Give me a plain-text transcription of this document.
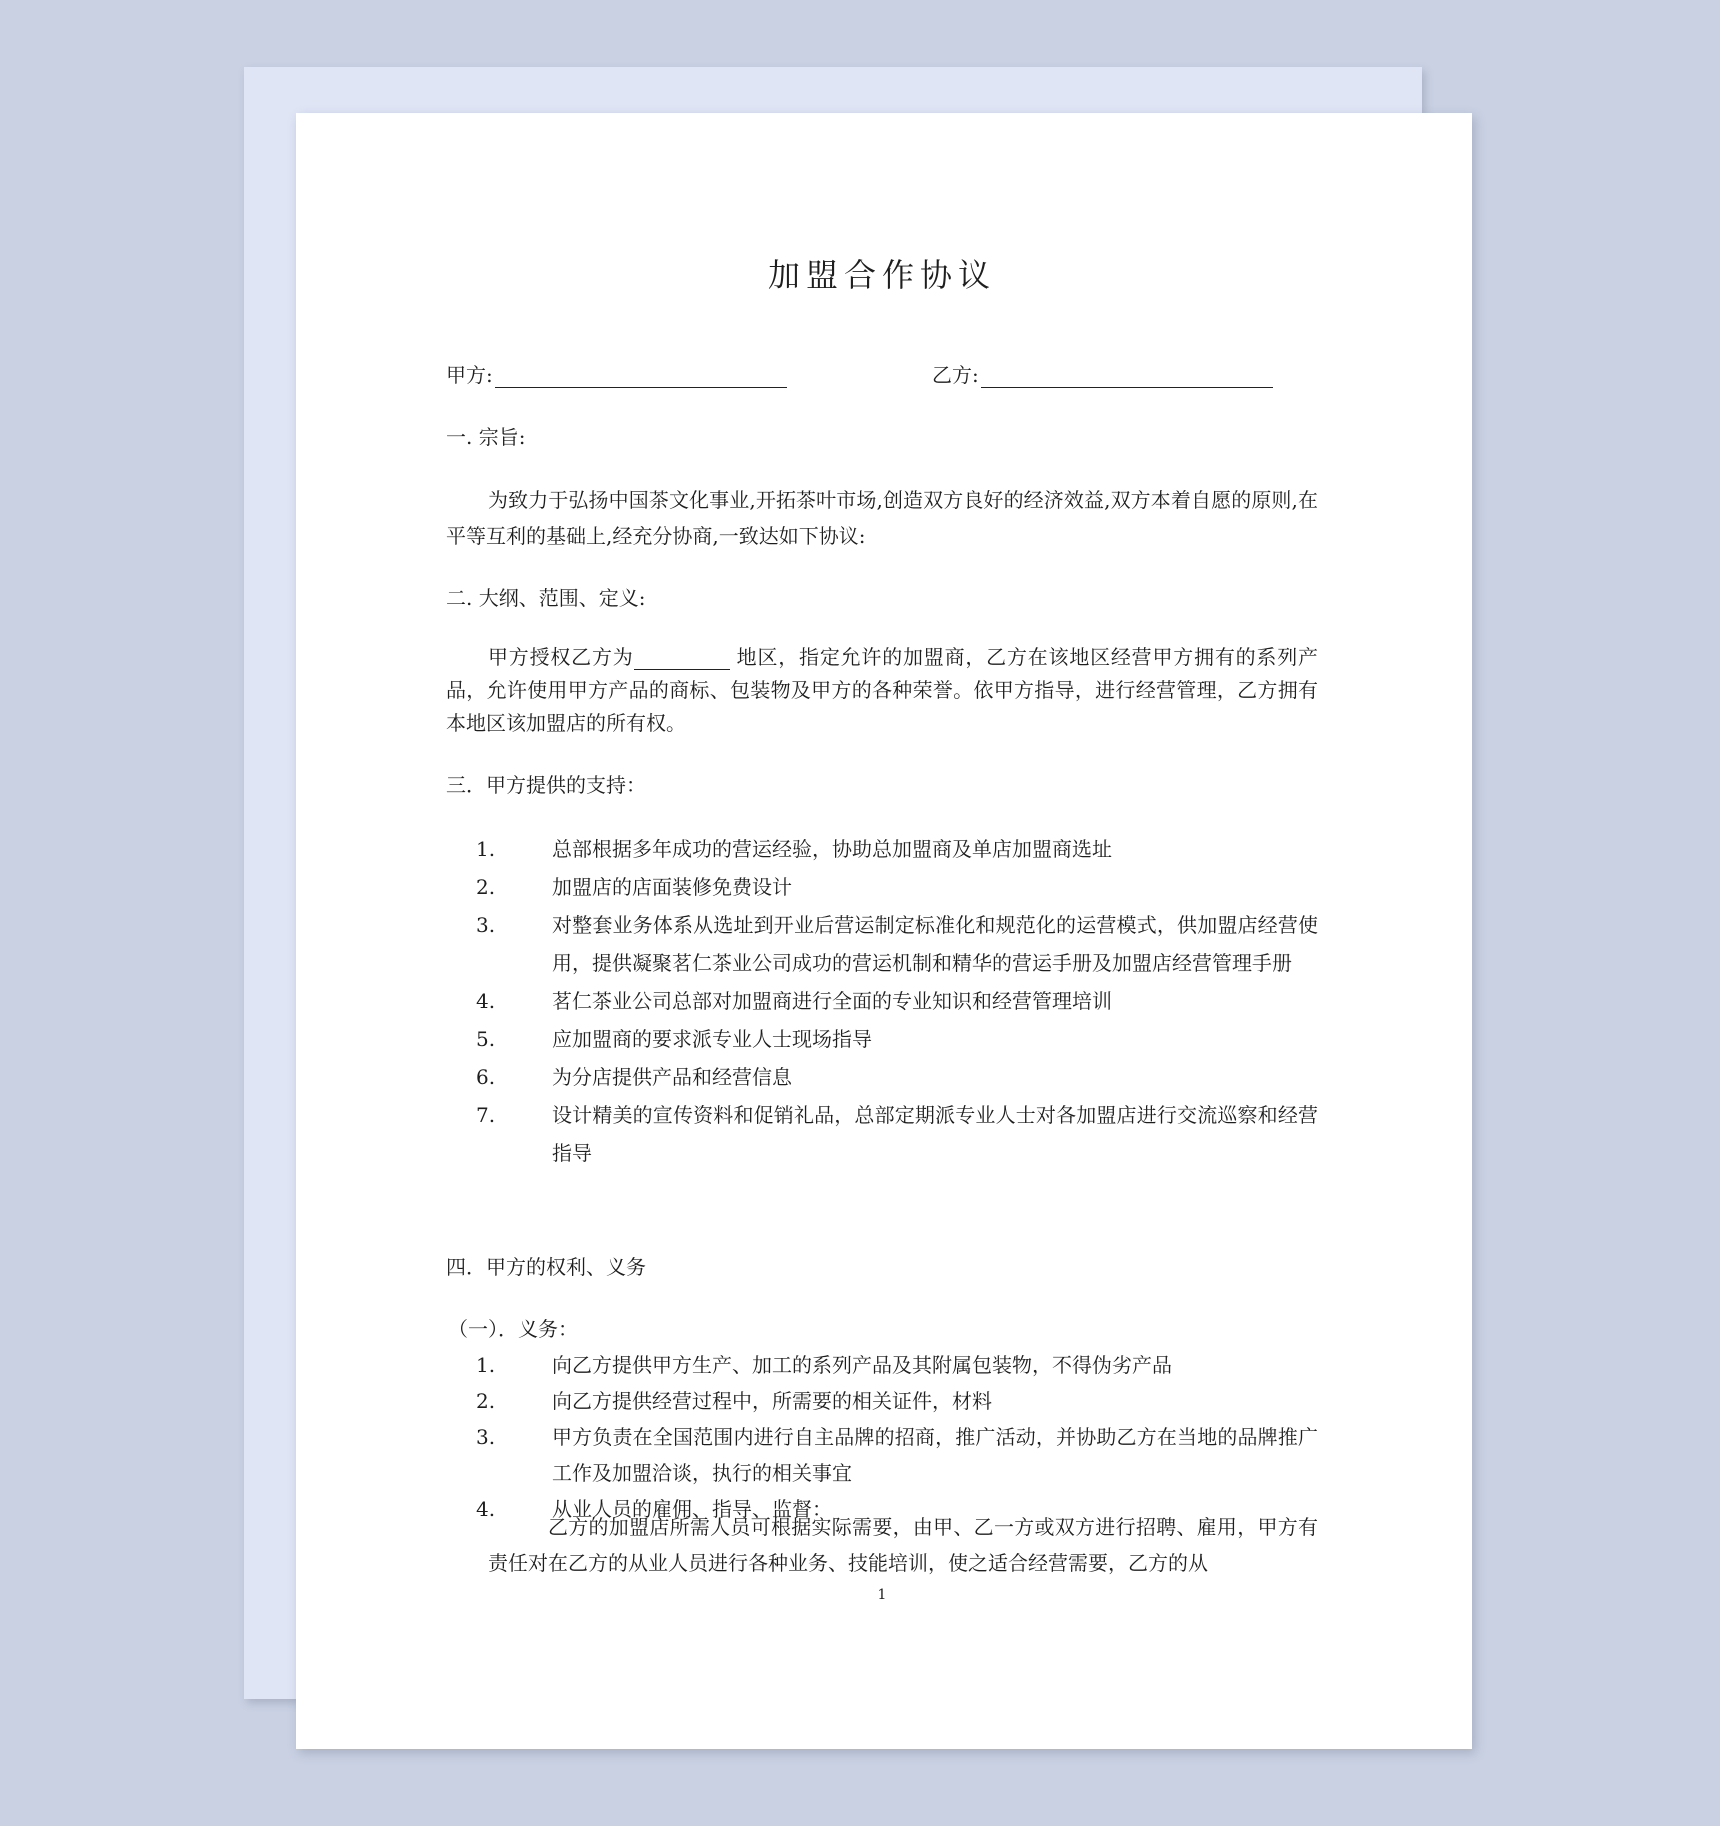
加盟合作协议
甲方:	乙方:
一. 宗旨:
为致力于弘扬中国茶文化事业,开拓茶叶市场,创造双方良好的经济效益,双方本着自愿的原则,在平等互利的基础上,经充分协商,一致达如下协议:
二. 大纲、范围、定义:
甲方授权乙方为	地区，指定允许的加盟商，乙方在该地区经营甲方拥有的系列产品，允许使用甲方产品的商标、包装物及甲方的各种荣誉。依甲方指导，进行经营管理，乙方拥有本地区该加盟店的所有权。
三．甲方提供的支持：
1.	总部根据多年成功的营运经验，协助总加盟商及单店加盟商选址
2.	加盟店的店面装修免费设计
3.	对整套业务体系从选址到开业后营运制定标准化和规范化的运营模式，供加盟店经营使用，提供凝聚茗仁茶业公司成功的营运机制和精华的营运手册及加盟店经营管理手册
4.	茗仁茶业公司总部对加盟商进行全面的专业知识和经营管理培训
5.	应加盟商的要求派专业人士现场指导
6.	为分店提供产品和经营信息
7.	设计精美的宣传资料和促销礼品，总部定期派专业人士对各加盟店进行交流巡察和经营指导
四．甲方的权利、义务
（一）．义务：
1.	向乙方提供甲方生产、加工的系列产品及其附属包装物，不得伪劣产品
2.	向乙方提供经营过程中，所需要的相关证件，材料
3.	甲方负责在全国范围内进行自主品牌的招商，推广活动，并协助乙方在当地的品牌推广工作及加盟洽谈，执行的相关事宜
4.	从业人员的雇佣、指导、监督：
乙方的加盟店所需人员可根据实际需要，由甲、乙一方或双方进行招聘、雇用，甲方有责任对在乙方的从业人员进行各种业务、技能培训，使之适合经营需要，乙方的从
1
